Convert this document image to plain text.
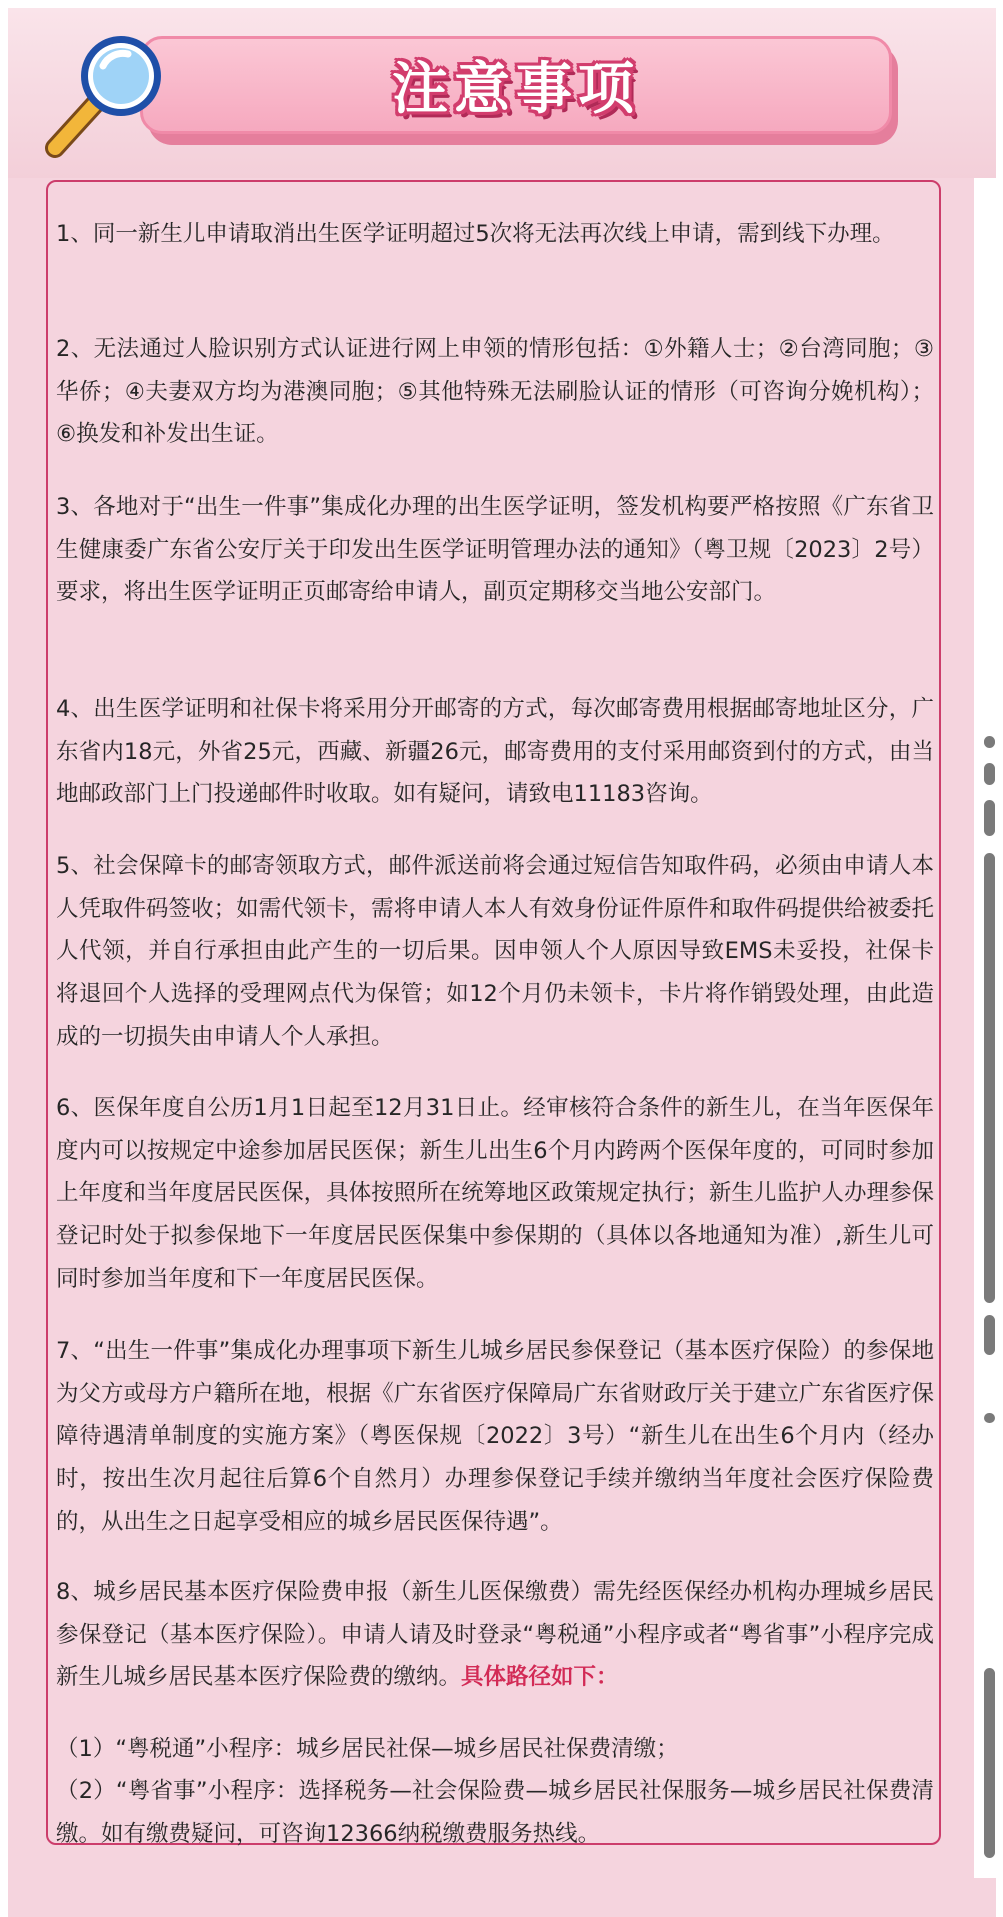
注意事项
1、同一新生儿申请取消出生医学证明超过5次将无法再次线上申请，需到线下办理。
2、无法通过人脸识别方式认证进行网上申领的情形包括：①外籍人士；②台湾同胞；③华侨；④夫妻双方均为港澳同胞；⑤其他特殊无法刷脸认证的情形（可咨询分娩机构）；⑥换发和补发出生证。
3、各地对于“出生一件事”集成化办理的出生医学证明，签发机构要严格按照《广东省卫生健康委广东省公安厅关于印发出生医学证明管理办法的通知》（粤卫规〔2023〕2号）要求，将出生医学证明正页邮寄给申请人，副页定期移交当地公安部门。
4、出生医学证明和社保卡将采用分开邮寄的方式，每次邮寄费用根据邮寄地址区分，广东省内18元，外省25元，西藏、新疆26元，邮寄费用的支付采用邮资到付的方式，由当地邮政部门上门投递邮件时收取。如有疑问，请致电11183咨询。
5、社会保障卡的邮寄领取方式，邮件派送前将会通过短信告知取件码，必须由申请人本人凭取件码签收；如需代领卡，需将申请人本人有效身份证件原件和取件码提供给被委托人代领，并自行承担由此产生的一切后果。因申领人个人原因导致EMS未妥投，社保卡将退回个人选择的受理网点代为保管；如12个月仍未领卡，卡片将作销毁处理，由此造成的一切损失由申请人个人承担。
6、医保年度自公历1月1日起至12月31日止。经审核符合条件的新生儿，在当年医保年度内可以按规定中途参加居民医保；新生儿出生6个月内跨两个医保年度的，可同时参加上年度和当年度居民医保，具体按照所在统筹地区政策规定执行；新生儿监护人办理参保登记时处于拟参保地下一年度居民医保集中参保期的（具体以各地通知为准）,新生儿可同时参加当年度和下一年度居民医保。
7、“出生一件事”集成化办理事项下新生儿城乡居民参保登记（基本医疗保险）的参保地为父方或母方户籍所在地，根据《广东省医疗保障局广东省财政厅关于建立广东省医疗保障待遇清单制度的实施方案》（粤医保规〔2022〕3号）“新生儿在出生6个月内（经办时，按出生次月起往后算6个自然月）办理参保登记手续并缴纳当年度社会医疗保险费的，从出生之日起享受相应的城乡居民医保待遇”。
8、城乡居民基本医疗保险费申报（新生儿医保缴费）需先经医保经办机构办理城乡居民参保登记（基本医疗保险）。申请人请及时登录“粤税通”小程序或者“粤省事”小程序完成新生儿城乡居民基本医疗保险费的缴纳。具体路径如下：
（1）“粤税通”小程序：城乡居民社保—城乡居民社保费清缴；
（2）“粤省事”小程序：选择税务—社会保险费—城乡居民社保服务—城乡居民社保费清缴。如有缴费疑问，可咨询12366纳税缴费服务热线。
